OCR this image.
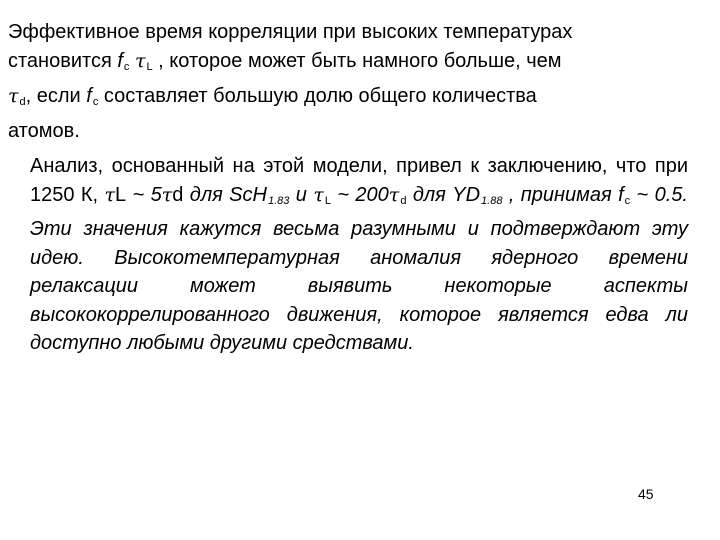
Эффективное время корреляции при высоких температурах
становится $f_c$ $\tau_L$ , которое может быть намного больше, чем
$\tau_d$, если $f_c$ составляет большую долю общего количества
атомов.
Анализ, основанный на этой модели, привел к заключению, что при 1250 К, τL ~ 5τd для ScH$_{1.83}$ и $\tau_L$ ~ $200\tau_d$ для $YD_{1.88}$ , принимая $f_c$ ~ 0.5. Эти значения кажутся весьма разумными и подтверждают эту идею. Высокотемпературная аномалия ядерного времени релаксации может выявить некоторые аспекты высококоррелированного движения, которое является едва ли доступно любыми другими средствами.
45
